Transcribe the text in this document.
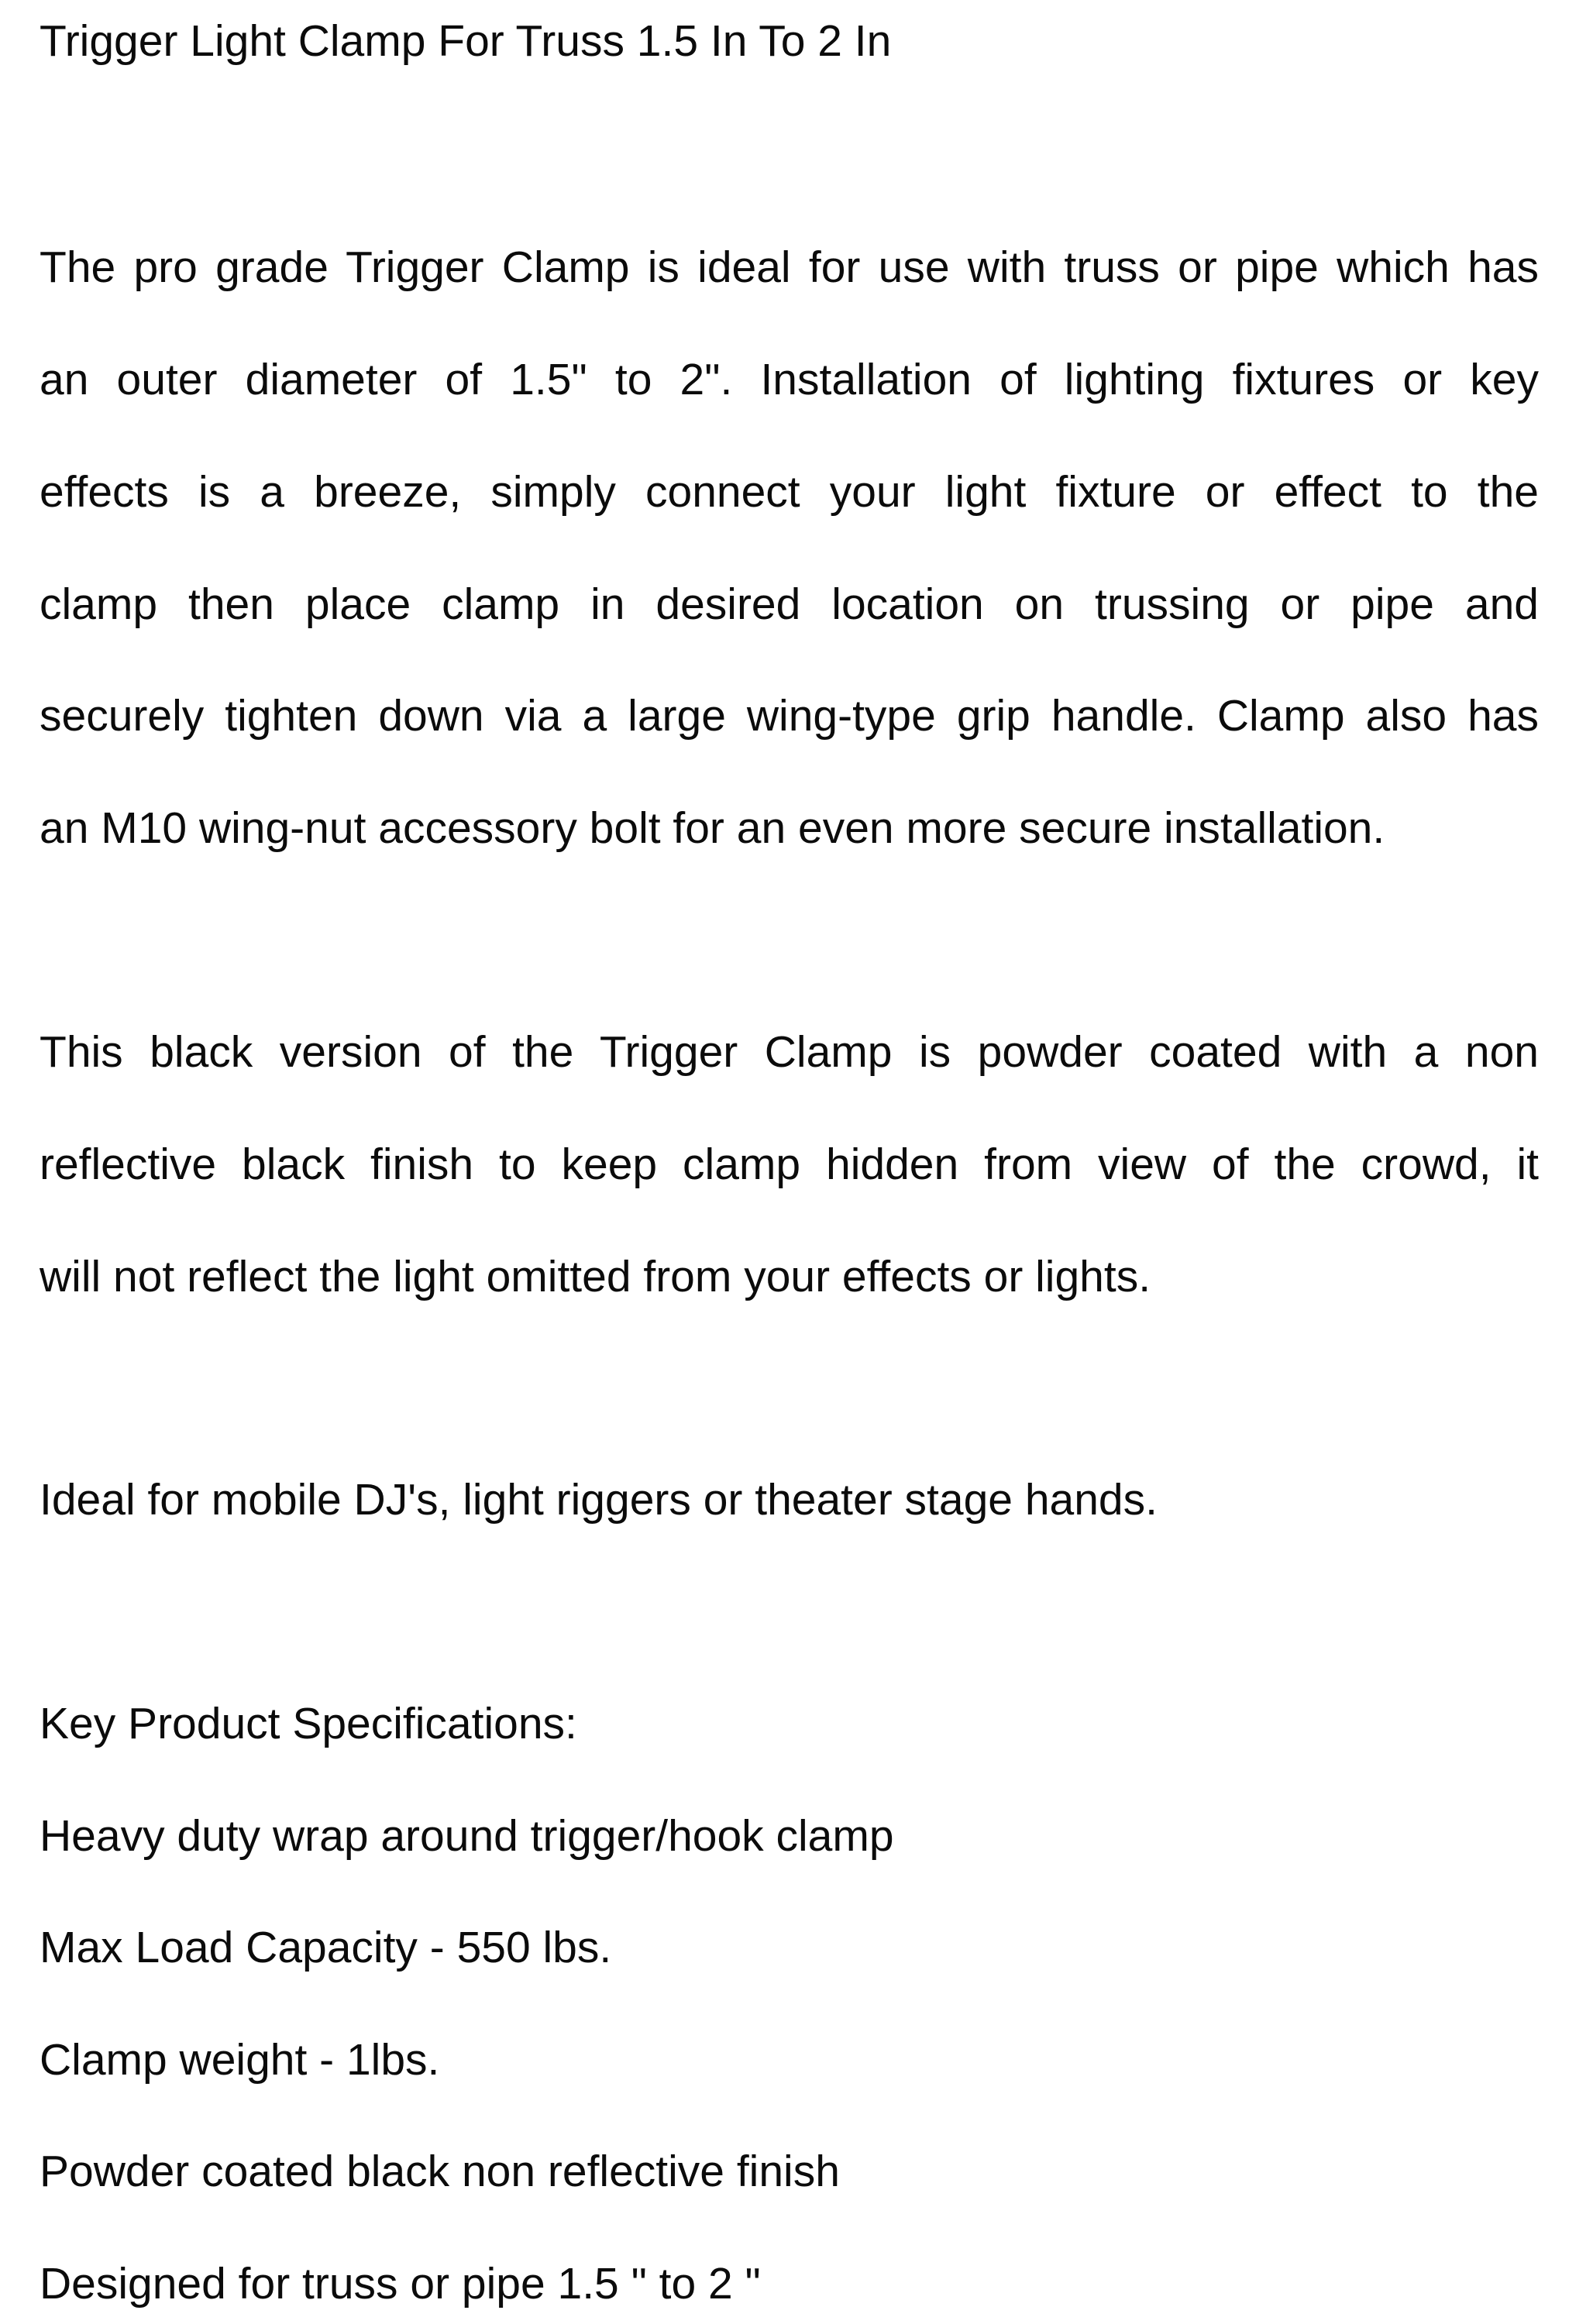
Trigger Light Clamp For Truss 1.5 In To 2 In
The pro grade Trigger Clamp is ideal for use with truss or pipe which has
an outer diameter of 1.5" to 2". Installation of lighting fixtures or key
effects is a breeze, simply connect your light fixture or effect to the
clamp then place clamp in desired location on trussing or pipe and
securely tighten down via a large wing-type grip handle. Clamp also has
an M10 wing-nut accessory bolt for an even more secure installation.
This black version of the Trigger Clamp is powder coated with a non
reflective black finish to keep clamp hidden from view of the crowd, it
will not reflect the light omitted from your effects or lights.
Ideal for mobile DJ's, light riggers or theater stage hands.
Key Product Specifications:
Heavy duty wrap around trigger/hook clamp
Max Load Capacity - 550 lbs.
Clamp weight - 1lbs.
Powder coated black non reflective finish
Designed for truss or pipe 1.5 " to 2 "
